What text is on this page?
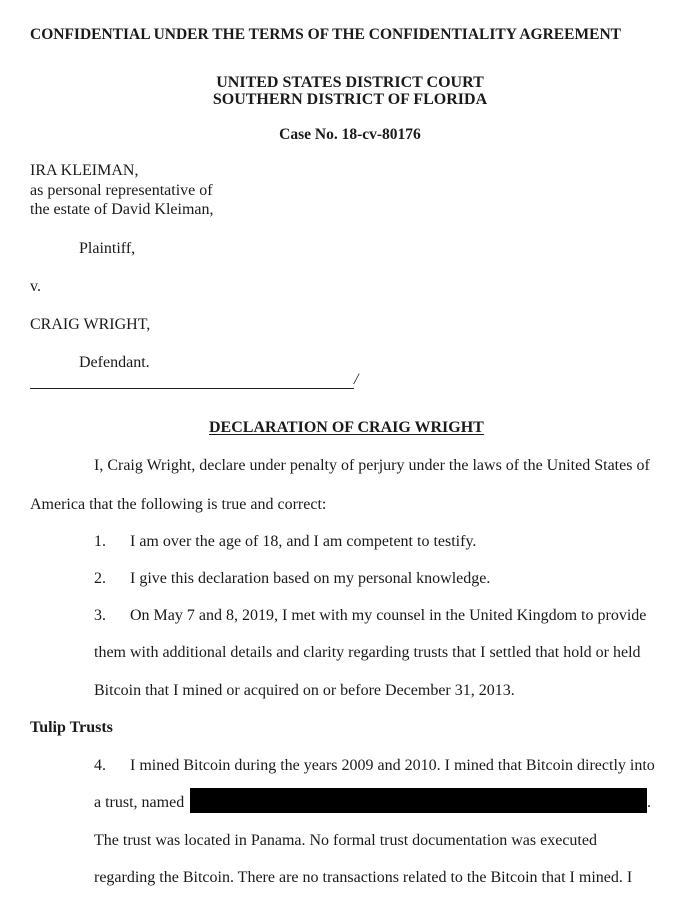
CONFIDENTIAL UNDER THE TERMS OF THE CONFIDENTIALITY AGREEMENT
UNITED STATES DISTRICT COURT
SOUTHERN DISTRICT OF FLORIDA
Case No. 18-cv-80176
IRA KLEIMAN,
as personal representative of
the estate of David Kleiman,
Plaintiff,
v.
CRAIG WRIGHT,
Defendant.
/
DECLARATION OF CRAIG WRIGHT
I, Craig Wright, declare under penalty of perjury under the laws of the United States of
America that the following is true and correct:
1. I am over the age of 18, and I am competent to testify.
2. I give this declaration based on my personal knowledge.
3. On May 7 and 8, 2019, I met with my counsel in the United Kingdom to provide
them with additional details and clarity regarding trusts that I settled that hold or held
Bitcoin that I mined or acquired on or before December 31, 2013.
Tulip Trusts
4. I mined Bitcoin during the years 2009 and 2010. I mined that Bitcoin directly into
a trust, named	.
The trust was located in Panama. No formal trust documentation was executed
regarding the Bitcoin. There are no transactions related to the Bitcoin that I mined. I
